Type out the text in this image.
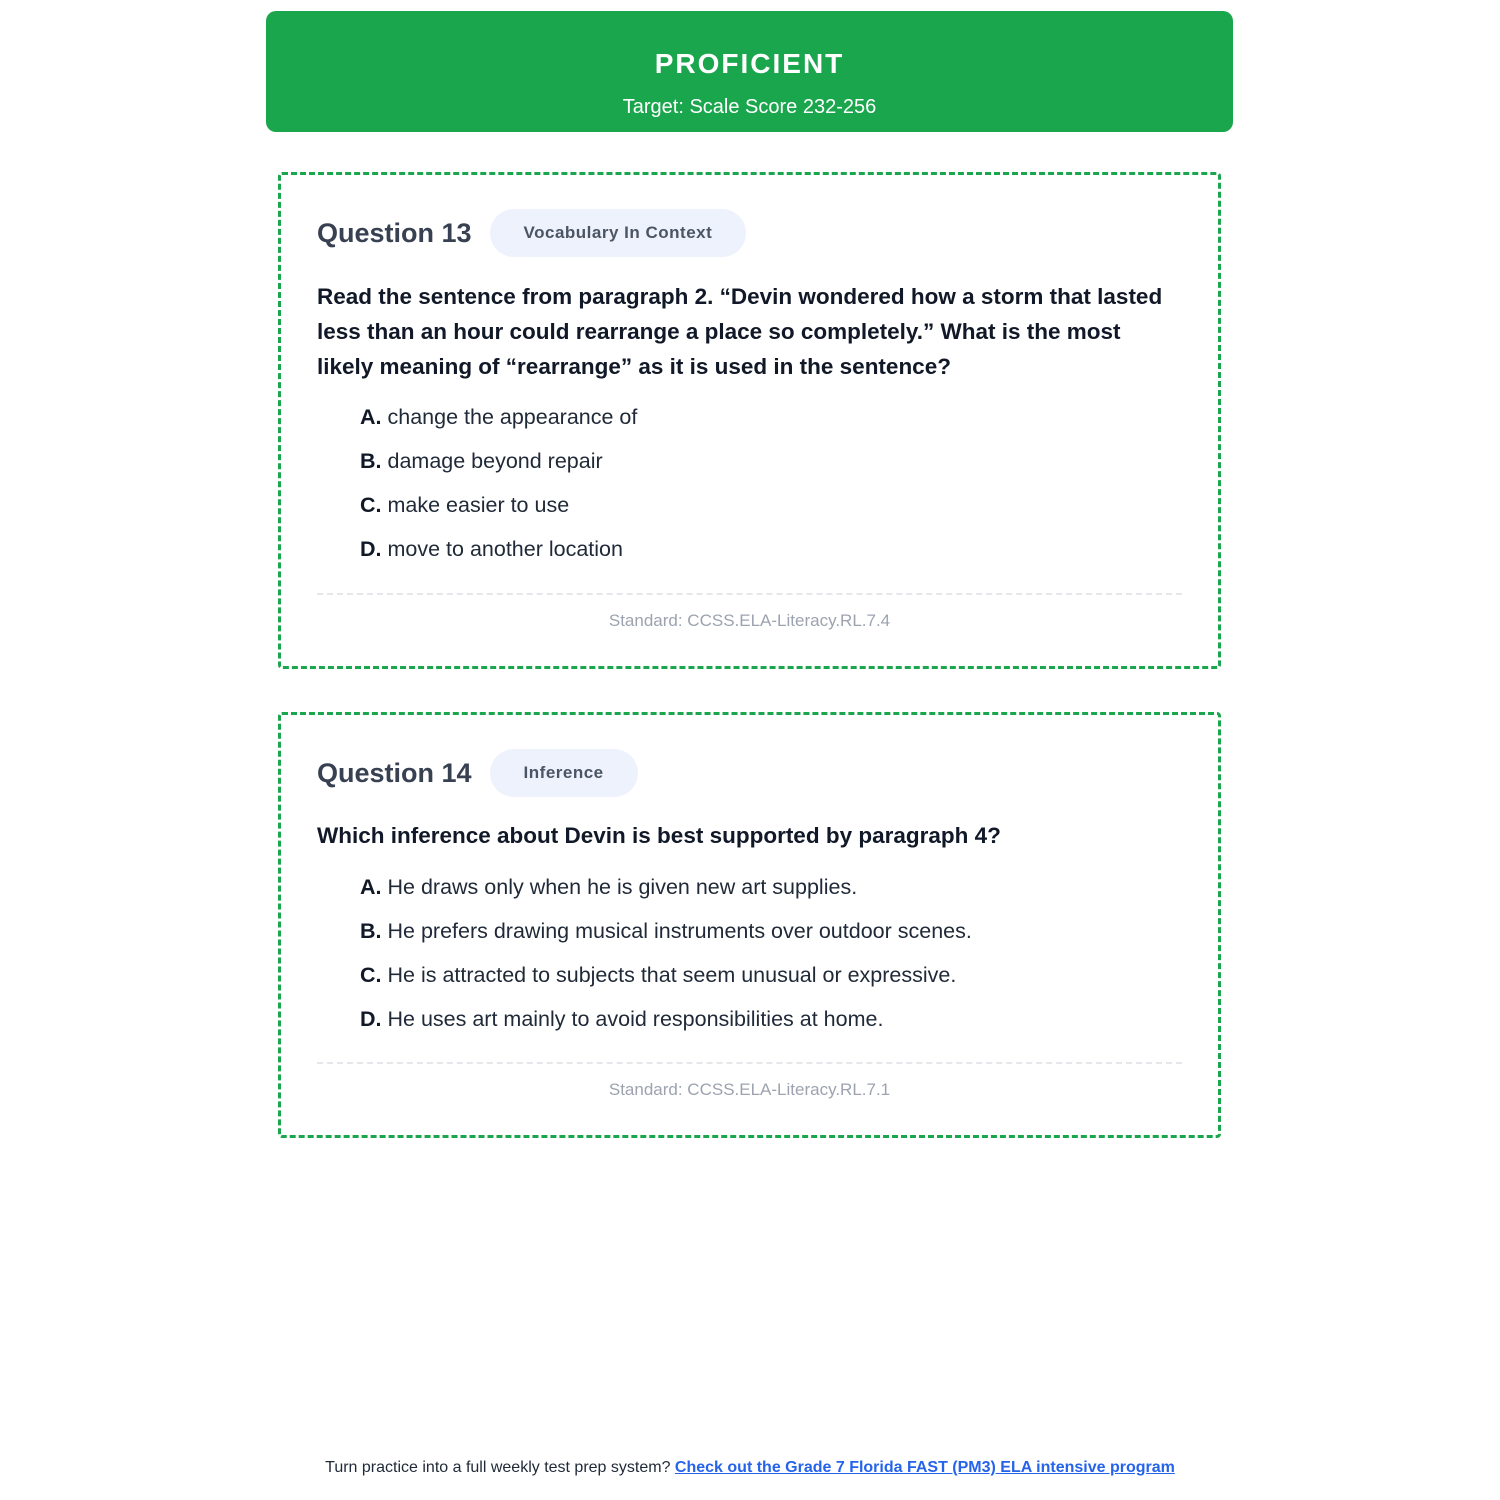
PROFICIENT
Target: Scale Score 232-256
Question 13	Vocabulary In Context
Read the sentence from paragraph 2. “Devin wondered how a storm that lasted less than an hour could rearrange a place so completely.” What is the most likely meaning of “rearrange” as it is used in the sentence?
A. change the appearance of
B. damage beyond repair
C. make easier to use
D. move to another location
Standard: CCSS.ELA-Literacy.RL.7.4
Question 14	Inference
Which inference about Devin is best supported by paragraph 4?
A. He draws only when he is given new art supplies.
B. He prefers drawing musical instruments over outdoor scenes.
C. He is attracted to subjects that seem unusual or expressive.
D. He uses art mainly to avoid responsibilities at home.
Standard: CCSS.ELA-Literacy.RL.7.1
Turn practice into a full weekly test prep system? Check out the Grade 7 Florida FAST (PM3) ELA intensive program
